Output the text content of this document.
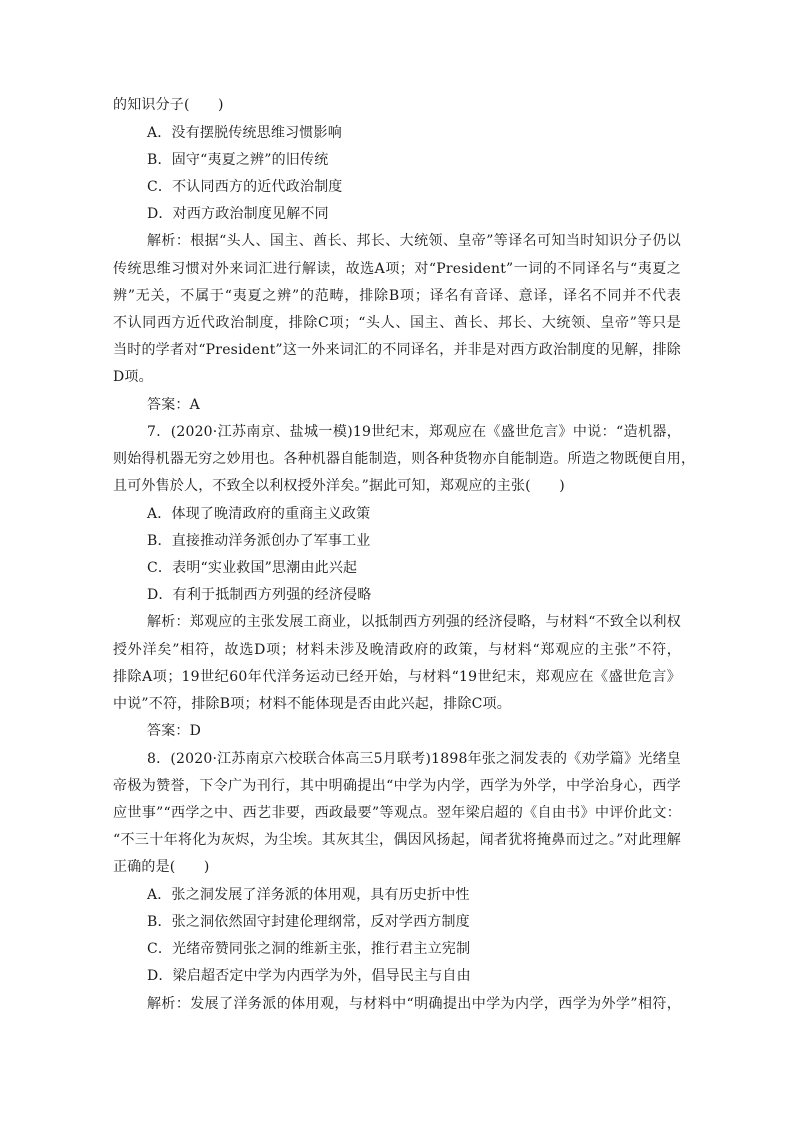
的知识分子(　　)
A．没有摆脱传统思维习惯影响
B．固守“夷夏之辨”的旧传统
C．不认同西方的近代政治制度
D．对西方政治制度见解不同
解析：根据“头人、国主、酋长、邦长、大统领、皇帝”等译名可知当时知识分子仍以
传统思维习惯对外来词汇进行解读，故选A项；对“President”一词的不同译名与“夷夏之
辨”无关，不属于“夷夏之辨”的范畴，排除B项；译名有音译、意译，译名不同并不代表
不认同西方近代政治制度，排除C项；“头人、国主、酋长、邦长、大统领、皇帝”等只是
当时的学者对“President”这一外来词汇的不同译名，并非是对西方政治制度的见解，排除
D项。
答案：A
7．(2020·江苏南京、盐城一模)19世纪末，郑观应在《盛世危言》中说：“造机器，
则始得机器无穷之妙用也。各种机器自能制造，则各种货物亦自能制造。所造之物既便自用，
且可外售於人，不致全以利权授外洋矣。”据此可知，郑观应的主张(　　)
A．体现了晚清政府的重商主义政策
B．直接推动洋务派创办了军事工业
C．表明“实业救国”思潮由此兴起
D．有利于抵制西方列强的经济侵略
解析：郑观应的主张发展工商业，以抵制西方列强的经济侵略，与材料“不致全以利权
授外洋矣”相符，故选D项；材料未涉及晚清政府的政策，与材料“郑观应的主张”不符，
排除A项；19世纪60年代洋务运动已经开始，与材料“19世纪末，郑观应在《盛世危言》
中说”不符，排除B项；材料不能体现是否由此兴起，排除C项。
答案：D
8．(2020·江苏南京六校联合体高三5月联考)1898年张之洞发表的《劝学篇》光绪皇
帝极为赞誉，下令广为刊行，其中明确提出“中学为内学，西学为外学，中学治身心，西学
应世事”“西学之中、西艺非要，西政最要”等观点。翌年梁启超的《自由书》中评价此文：
“不三十年将化为灰烬，为尘埃。其灰其尘，偶因风扬起，闻者犹将掩鼻而过之。”对此理解
正确的是(　　)
A．张之洞发展了洋务派的体用观，具有历史折中性
B．张之洞依然固守封建伦理纲常，反对学西方制度
C．光绪帝赞同张之洞的维新主张，推行君主立宪制
D．梁启超否定中学为内西学为外，倡导民主与自由
解析：发展了洋务派的体用观，与材料中“明确提出中学为内学，西学为外学”相符，
